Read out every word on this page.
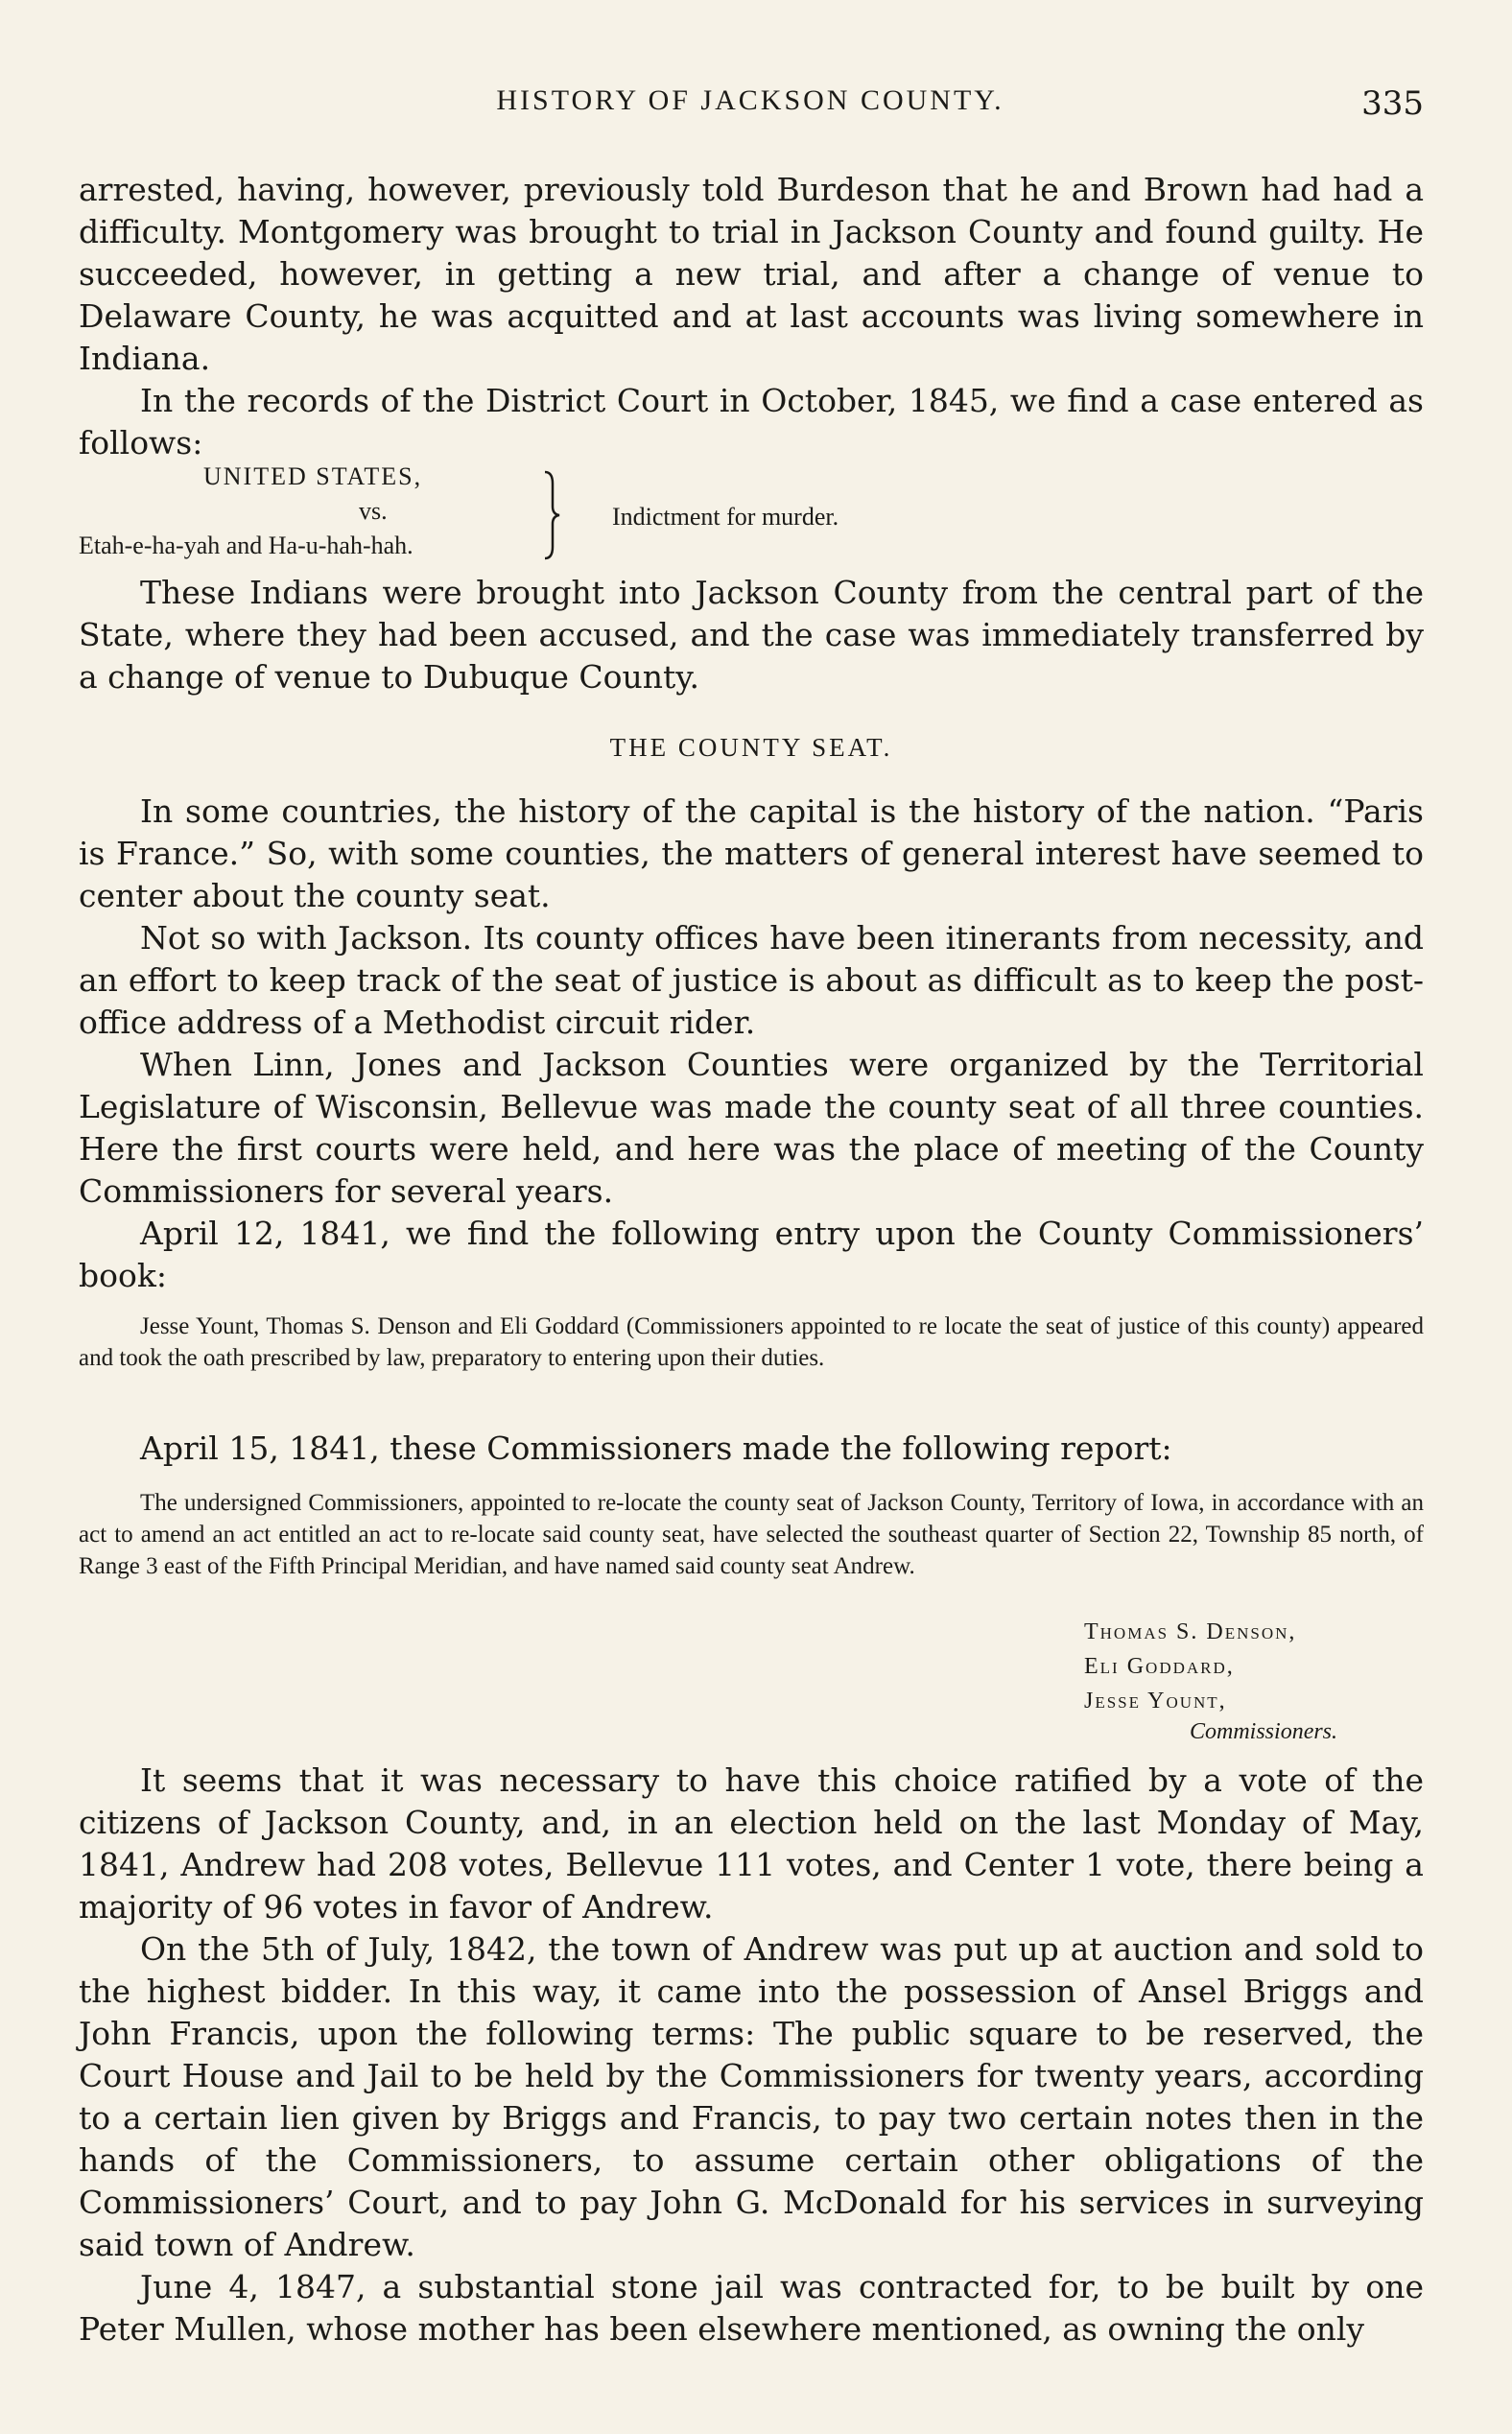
HISTORY OF JACKSON COUNTY.	335

arrested, having, however, previously told Burdeson that he and Brown had had a difficulty. Montgomery was brought to trial in Jackson County and found guilty. He succeeded, however, in getting a new trial, and after a change of venue to Delaware County, he was acquitted and at last accounts was living somewhere in Indiana.

In the records of the District Court in October, 1845, we find a case entered as follows:

UNITED STATES,
vs.
Etah-e-ha-yah and Ha-u-hah-hah.
Indictment for murder.

These Indians were brought into Jackson County from the central part of the State, where they had been accused, and the case was immediately transferred by a change of venue to Dubuque County.

THE COUNTY SEAT.

In some countries, the history of the capital is the history of the nation. “Paris is France.” So, with some counties, the matters of general interest have seemed to center about the county seat.

Not so with Jackson. Its county offices have been itinerants from necessity, and an effort to keep track of the seat of justice is about as difficult as to keep the post-office address of a Methodist circuit rider.

When Linn, Jones and Jackson Counties were organized by the Territorial Legislature of Wisconsin, Bellevue was made the county seat of all three counties. Here the first courts were held, and here was the place of meeting of the County Commissioners for several years.

April 12, 1841, we find the following entry upon the County Commissioners’ book:

Jesse Yount, Thomas S. Denson and Eli Goddard (Commissioners appointed to re locate the seat of justice of this county) appeared and took the oath prescribed by law, preparatory to entering upon their duties.

April 15, 1841, these Commissioners made the following report:

The undersigned Commissioners, appointed to re-locate the county seat of Jackson County, Territory of Iowa, in accordance with an act to amend an act entitled an act to re-locate said county seat, have selected the southeast quarter of Section 22, Township 85 north, of Range 3 east of the Fifth Principal Meridian, and have named said county seat Andrew.

Thomas S. Denson,
Eli Goddard,
Jesse Yount,
Commissioners.

It seems that it was necessary to have this choice ratified by a vote of the citizens of Jackson County, and, in an election held on the last Monday of May, 1841, Andrew had 208 votes, Bellevue 111 votes, and Center 1 vote, there being a majority of 96 votes in favor of Andrew.

On the 5th of July, 1842, the town of Andrew was put up at auction and sold to the highest bidder. In this way, it came into the possession of Ansel Briggs and John Francis, upon the following terms: The public square to be reserved, the Court House and Jail to be held by the Commissioners for twenty years, according to a certain lien given by Briggs and Francis, to pay two certain notes then in the hands of the Commissioners, to assume certain other obligations of the Commissioners’ Court, and to pay John G. McDonald for his services in surveying said town of Andrew.

June 4, 1847, a substantial stone jail was contracted for, to be built by one Peter Mullen, whose mother has been elsewhere mentioned, as owning the only
